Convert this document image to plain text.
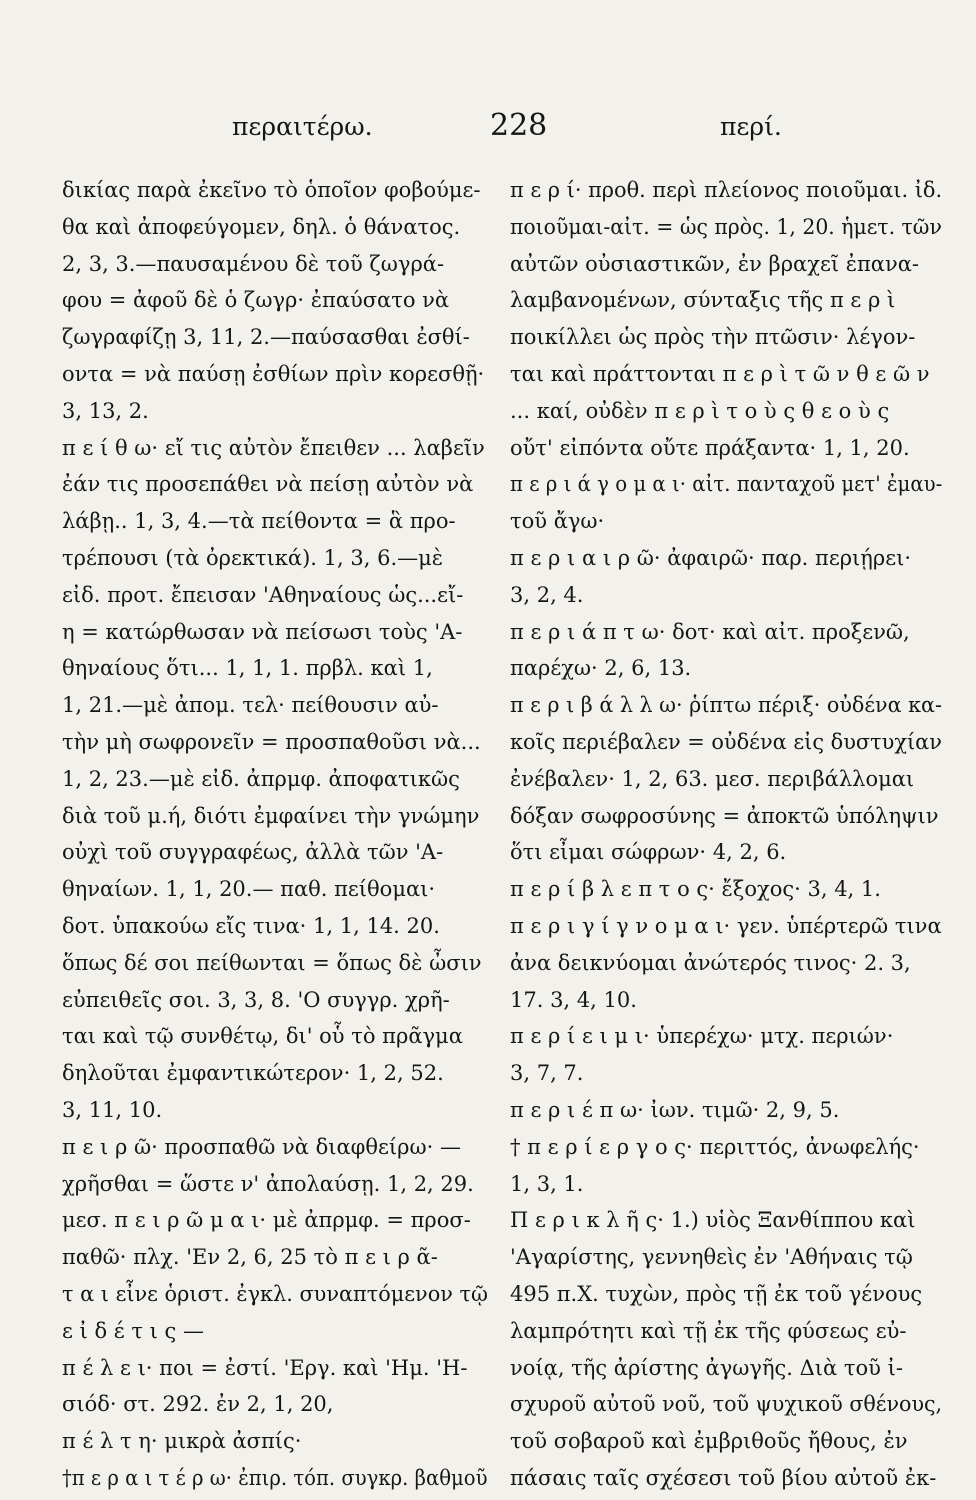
περαιτέρω.	228	περί.
δικίας παρὰ ἐκεῖνο τὸ ὁποῖον φοβούμε-
θα καὶ ἀποφεύγομεν, δηλ. ὁ θάνατος.
2, 3, 3.—παυσαμένου δὲ τοῦ ζωγρά-
φου = ἀφοῦ δὲ ὁ ζωγρ· ἐπαύσατο νὰ
ζωγραφίζῃ 3, 11, 2.—παύσασθαι ἐσθί-
οντα = νὰ παύσῃ ἐσθίων πρὶν κορεσθῇ·
3, 13, 2.
π ε ί θ ω· εἴ τις αὐτὸν ἔπειθεν ... λαβεῖν
ἐάν τις προσεπάθει νὰ πείσῃ αὐτὸν νὰ
λάβῃ.. 1, 3, 4.—τὰ πείθοντα = ἃ προ-
τρέπουσι (τὰ ὀρεκτικά). 1, 3, 6.—μὲ
εἰδ. προτ. ἔπεισαν 'Αθηναίους ὡς...εἴ-
η = κατώρθωσαν νὰ πείσωσι τοὺς 'Α-
θηναίους ὅτι... 1, 1, 1. πρβλ. καὶ 1,
1, 21.—μὲ ἀπομ. τελ· πείθουσιν αὐ-
τὴν μὴ σωφρονεῖν = προσπαθοῦσι νὰ...
1, 2, 23.—μὲ εἰδ. ἀπρμφ. ἀποφατικῶς
διὰ τοῦ μ.ή, διότι ἐμφαίνει τὴν γνώμην
οὐχὶ τοῦ συγγραφέως, ἀλλὰ τῶν 'Α-
θηναίων. 1, 1, 20.— παθ. πείθομαι·
δοτ. ὑπακούω εἴς τινα· 1, 1, 14. 20.
ὅπως δέ σοι πείθωνται = ὅπως δὲ ὦσιν
εὐπειθεῖς σοι. 3, 3, 8. 'Ο συγγρ. χρῆ-
ται καὶ τῷ συνθέτῳ, δι' οὗ τὸ πρᾶγμα
δηλοῦται ἐμφαντικώτερον· 1, 2, 52.
3, 11, 10.
π ε ι ρ ῶ· προσπαθῶ νὰ διαφθείρω· —
χρῆσθαι = ὥστε ν' ἀπολαύσῃ. 1, 2, 29.
μεσ. π ε ι ρ ῶ μ α ι· μὲ ἀπρμφ. = προσ-
παθῶ· πλχ. 'Εν 2, 6, 25 τὸ π ε ι ρ ᾶ-
τ α ι εἶνε ὁριστ. ἐγκλ. συναπτόμενον τῷ
ε ἰ δ έ τ ι ς —
π έ λ ε ι· ποι = ἐστί. 'Εργ. καὶ 'Ημ. 'Η-
σιόδ· στ. 292. ἐν 2, 1, 20,
π έ λ τ η· μικρὰ ἀσπίς·
†π ε ρ α ι τ έ ρ ω· ἐπιρ. τόπ. συγκρ. βαθμοῦ
π ε ρ ί· προθ. περὶ πλείονος ποιοῦμαι. ἰδ.
ποιοῦμαι-αἰτ. = ὡς πρὸς. 1, 20. ἡμετ. τῶν
αὐτῶν οὐσιαστικῶν, ἐν βραχεῖ ἐπανα-
λαμβανομένων, σύνταξις τῆς π ε ρ ὶ
ποικίλλει ὡς πρὸς τὴν πτῶσιν· λέγον-
ται καὶ πράττονται π ε ρ ὶ τ ῶ ν θ ε ῶ ν
... καί, οὐδὲν π ε ρ ὶ τ ο ὺ ς θ ε ο ὺ ς
οὔτ' εἰπόντα οὔτε πράξαντα· 1, 1, 20.
π ε ρ ι ά γ ο μ α ι· αἰτ. πανταχοῦ μετ' ἐμαυ-
τοῦ ἄγω·
π ε ρ ι α ι ρ ῶ· ἀφαιρῶ· παρ. περιῄρει·
3, 2, 4.
π ε ρ ι ά π τ ω· δοτ· καὶ αἰτ. προξενῶ,
παρέχω· 2, 6, 13.
π ε ρ ι β ά λ λ ω· ῥίπτω πέριξ· οὐδένα κα-
κοῖς περιέβαλεν = οὐδένα εἰς δυστυχίαν
ἐνέβαλεν· 1, 2, 63. μεσ. περιβάλλομαι
δόξαν σωφροσύνης = ἀποκτῶ ὑπόληψιν
ὅτι εἶμαι σώφρων· 4, 2, 6.
π ε ρ ί β λ ε π τ ο ς· ἔξοχος· 3, 4, 1.
π ε ρ ι γ ί γ ν ο μ α ι· γεν. ὑπέρτερῶ τινα
ἀνα δεικνύομαι ἀνώτερός τινος· 2. 3,
17. 3, 4, 10.
π ε ρ ί ε ι μ ι· ὑπερέχω· μτχ. περιών·
3, 7, 7.
π ε ρ ι έ π ω· ἰων. τιμῶ· 2, 9, 5.
† π ε ρ ί ε ρ γ ο ς· περιττός, ἀνωφελής·
1, 3, 1.
Π ε ρ ι κ λ ῆ ς· 1.) υἱὸς Ξανθίππου καὶ
'Αγαρίστης, γεννηθεὶς ἐν 'Αθήναις τῷ
495 π.Χ. τυχὼν, πρὸς τῇ ἐκ τοῦ γένους
λαμπρότητι καὶ τῇ ἐκ τῆς φύσεως εὐ-
νοίᾳ, τῆς ἀρίστης ἀγωγῆς. Διὰ τοῦ ἰ-
σχυροῦ αὐτοῦ νοῦ, τοῦ ψυχικοῦ σθένους,
τοῦ σοβαροῦ καὶ ἐμβριθοῦς ἤθους, ἐν
πάσαις ταῖς σχέσεσι τοῦ βίου αὐτοῦ ἐκ-
